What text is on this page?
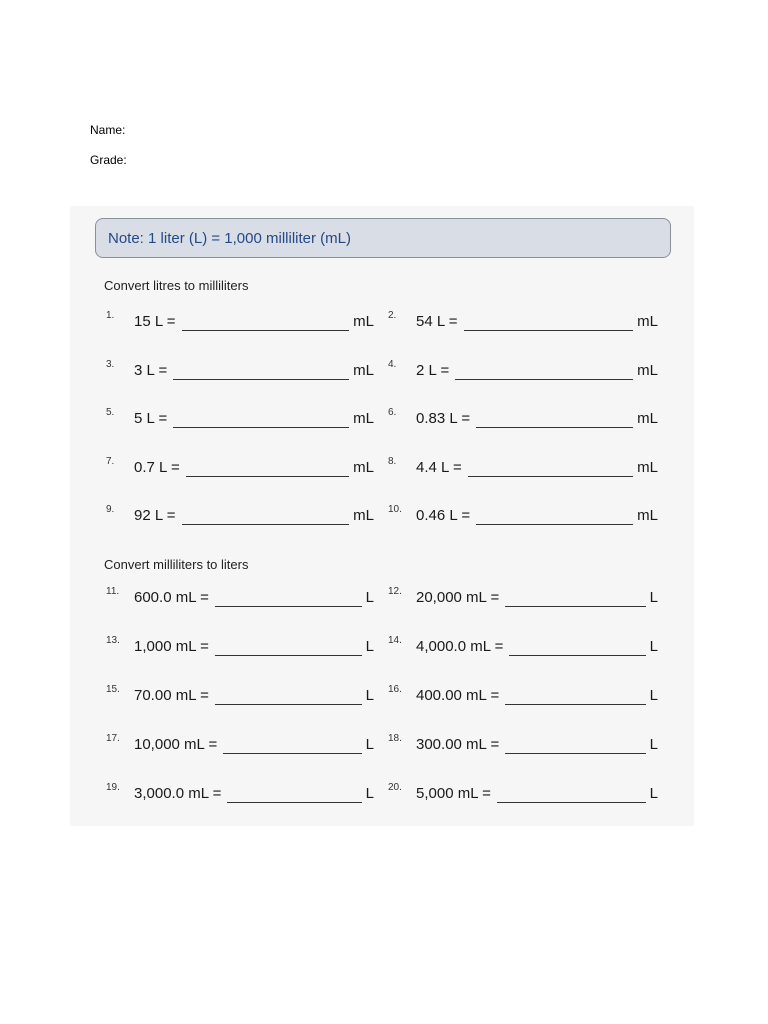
Name:
Grade:
Note: 1 liter (L) = 1,000 milliliter (mL)
Convert litres to milliliters
1. 15 L =	mL 2. 54 L =	mL
3. 3 L =	mL 4. 2 L =	mL
5. 5 L =	mL 6. 0.83 L =	mL
7. 0.7 L =	mL 8. 4.4 L =	mL
9. 92 L =	mL 10. 0.46 L =	mL
Convert milliliters to liters
11. 600.0 mL =	L 12. 20,000 mL =	L
13. 1,000 mL =	L 14. 4,000.0 mL =	L
15. 70.00 mL =	L 16. 400.00 mL =	L
17. 10,000 mL =	L 18. 300.00 mL =	L
19. 3,000.0 mL =	L 20. 5,000 mL =	L
